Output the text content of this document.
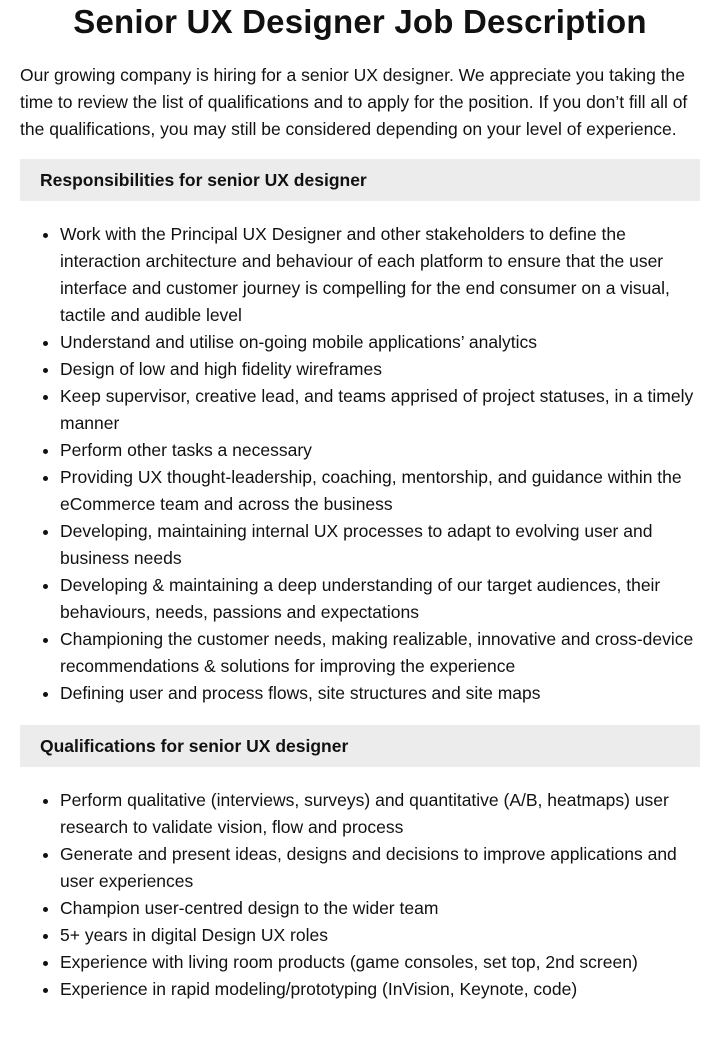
Senior UX Designer Job Description

Our growing company is hiring for a senior UX designer. We appreciate you taking the time to review the list of qualifications and to apply for the position. If you don’t fill all of the qualifications, you may still be considered depending on your level of experience.

Responsibilities for senior UX designer
• Work with the Principal UX Designer and other stakeholders to define the interaction architecture and behaviour of each platform to ensure that the user interface and customer journey is compelling for the end consumer on a visual, tactile and audible level
• Understand and utilise on-going mobile applications’ analytics
• Design of low and high fidelity wireframes
• Keep supervisor, creative lead, and teams apprised of project statuses, in a timely manner
• Perform other tasks a necessary
• Providing UX thought-leadership, coaching, mentorship, and guidance within the eCommerce team and across the business
• Developing, maintaining internal UX processes to adapt to evolving user and business needs
• Developing & maintaining a deep understanding of our target audiences, their behaviours, needs, passions and expectations
• Championing the customer needs, making realizable, innovative and cross-device recommendations & solutions for improving the experience
• Defining user and process flows, site structures and site maps
Qualifications for senior UX designer
• Perform qualitative (interviews, surveys) and quantitative (A/B, heatmaps) user research to validate vision, flow and process
• Generate and present ideas, designs and decisions to improve applications and user experiences
• Champion user-centred design to the wider team
• 5+ years in digital Design UX roles
• Experience with living room products (game consoles, set top, 2nd screen)
• Experience in rapid modeling/prototyping (InVision, Keynote, code)
